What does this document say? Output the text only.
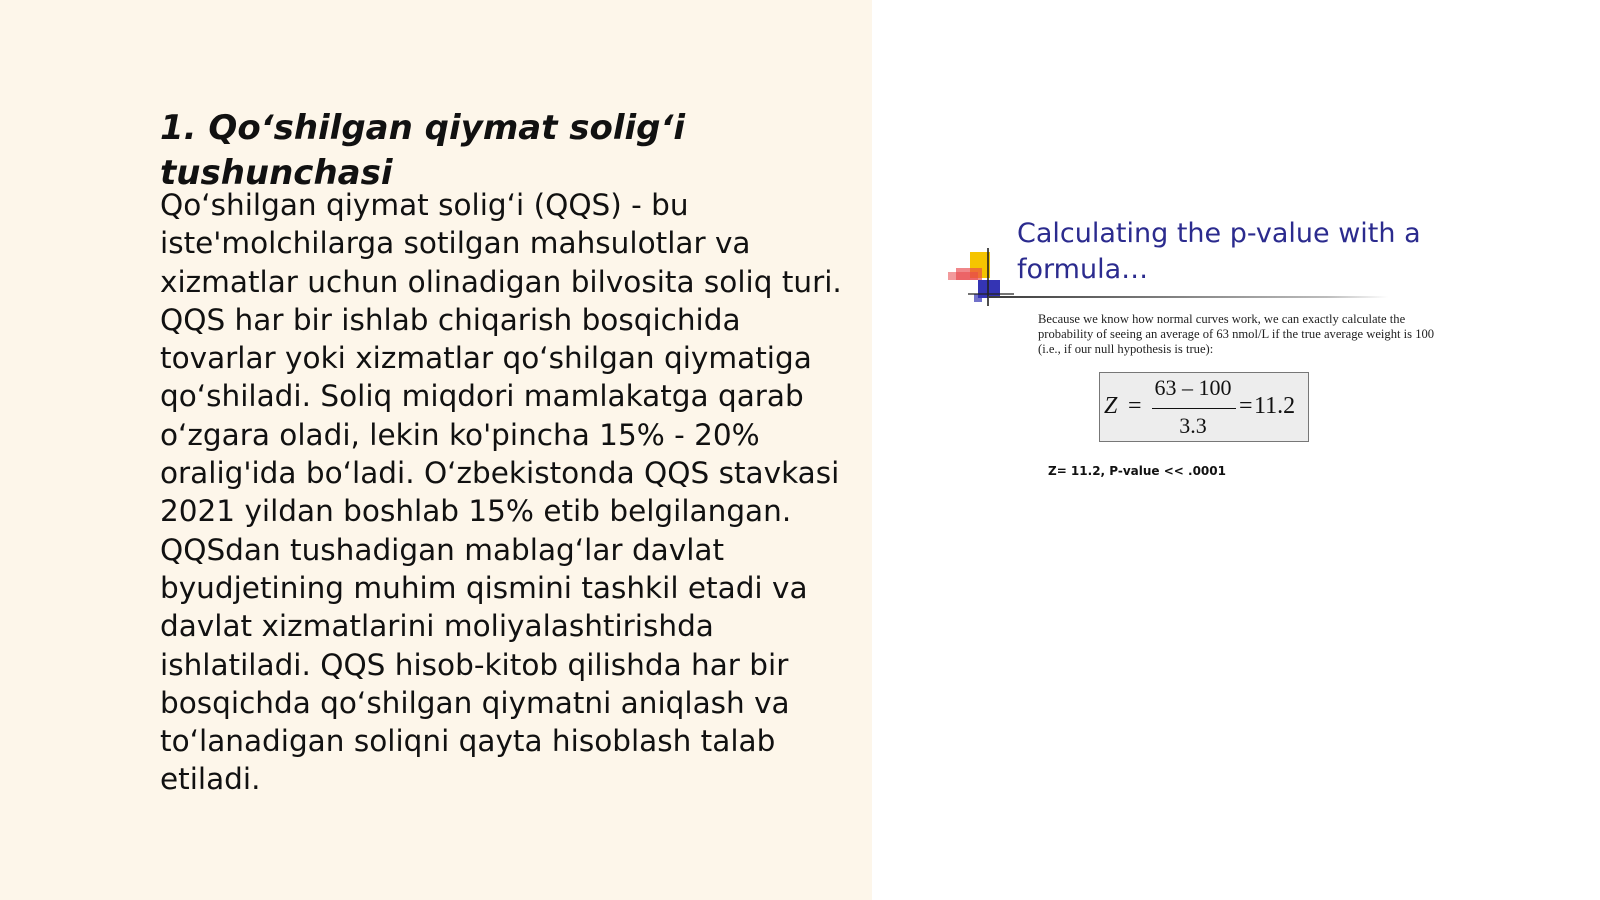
1. Qo‘shilgan qiymat solig‘i tushunchasi

Qo‘shilgan qiymat solig‘i (QQS) - bu iste'molchilarga sotilgan mahsulotlar va xizmatlar uchun olinadigan bilvosita soliq turi. QQS har bir ishlab chiqarish bosqichida tovarlar yoki xizmatlar qo‘shilgan qiymatiga qo‘shiladi. Soliq miqdori mamlakatga qarab o‘zgara oladi, lekin ko'pincha 15% - 20% oralig'ida bo‘ladi. O‘zbekistonda QQS stavkasi 2021 yildan boshlab 15% etib belgilangan. QQSdan tushadigan mablag‘lar davlat byudjetining muhim qismini tashkil etadi va davlat xizmatlarini moliyalashtirishda ishlatiladi. QQS hisob-kitob qilishda har bir bosqichda qo‘shilgan qiymatni aniqlash va to‘lanadigan soliqni qayta hisoblash talab etiladi.

Calculating the p-value with a formula…

Because we know how normal curves work, we can exactly calculate the probability of seeing an average of 63 nmol/L if the true average weight is 100 (i.e., if our null hypothesis is true):

Z =
63 – 100
3.3
= 11.2

Z= 11.2, P-value << .0001
